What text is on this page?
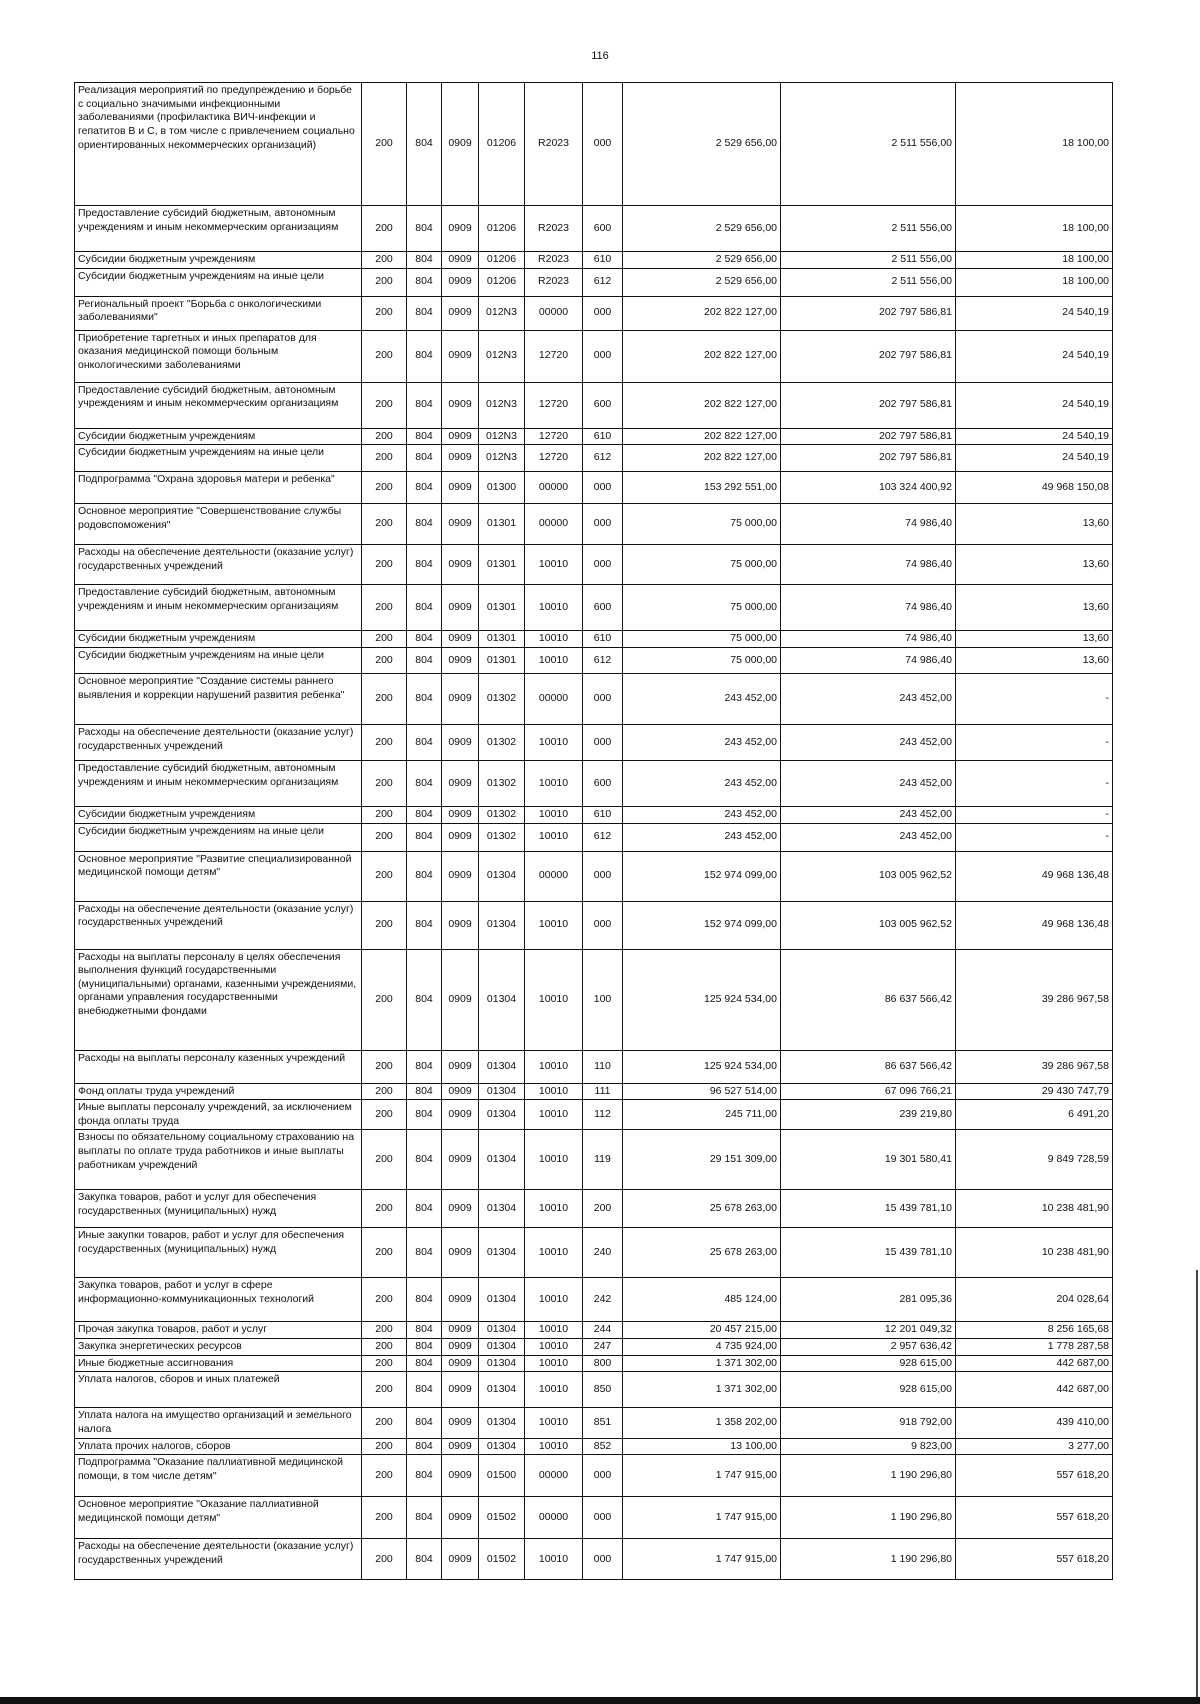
116
Реализация мероприятий по предупреждению и борьбе с социально значимыми инфекционными заболеваниями (профилактика ВИЧ-инфекции и гепатитов В и С, в том числе с привлечением социально ориентированных некоммерческих организаций)	200	804	0909	01206	R2023	000	2 529 656,00	2 511 556,00	18 100,00
Предоставление субсидий бюджетным, автономным учреждениям и иным некоммерческим организациям	200	804	0909	01206	R2023	600	2 529 656,00	2 511 556,00	18 100,00
Субсидии бюджетным учреждениям	200	804	0909	01206	R2023	610	2 529 656,00	2 511 556,00	18 100,00
Субсидии бюджетным учреждениям на иные цели	200	804	0909	01206	R2023	612	2 529 656,00	2 511 556,00	18 100,00
Региональный проект "Борьба с онкологическими заболеваниями"	200	804	0909	012N3	00000	000	202 822 127,00	202 797 586,81	24 540,19
Приобретение таргетных и иных препаратов для оказания медицинской помощи больным онкологическими заболеваниями	200	804	0909	012N3	12720	000	202 822 127,00	202 797 586,81	24 540,19
Предоставление субсидий бюджетным, автономным учреждениям и иным некоммерческим организациям	200	804	0909	012N3	12720	600	202 822 127,00	202 797 586,81	24 540,19
Субсидии бюджетным учреждениям	200	804	0909	012N3	12720	610	202 822 127,00	202 797 586,81	24 540,19
Субсидии бюджетным учреждениям на иные цели	200	804	0909	012N3	12720	612	202 822 127,00	202 797 586,81	24 540,19
Подпрограмма "Охрана здоровья матери и ребенка"	200	804	0909	01300	00000	000	153 292 551,00	103 324 400,92	49 968 150,08
Основное мероприятие "Совершенствование службы родовспоможения"	200	804	0909	01301	00000	000	75 000,00	74 986,40	13,60
Расходы на обеспечение деятельности (оказание услуг) государственных учреждений	200	804	0909	01301	10010	000	75 000,00	74 986,40	13,60
Предоставление субсидий бюджетным, автономным учреждениям и иным некоммерческим организациям	200	804	0909	01301	10010	600	75 000,00	74 986,40	13,60
Субсидии бюджетным учреждениям	200	804	0909	01301	10010	610	75 000,00	74 986,40	13,60
Субсидии бюджетным учреждениям на иные цели	200	804	0909	01301	10010	612	75 000,00	74 986,40	13,60
Основное мероприятие "Создание системы раннего выявления и коррекции нарушений развития ребенка"	200	804	0909	01302	00000	000	243 452,00	243 452,00	-
Расходы на обеспечение деятельности (оказание услуг) государственных учреждений	200	804	0909	01302	10010	000	243 452,00	243 452,00	-
Предоставление субсидий бюджетным, автономным учреждениям и иным некоммерческим организациям	200	804	0909	01302	10010	600	243 452,00	243 452,00	-
Субсидии бюджетным учреждениям	200	804	0909	01302	10010	610	243 452,00	243 452,00	-
Субсидии бюджетным учреждениям на иные цели	200	804	0909	01302	10010	612	243 452,00	243 452,00	-
Основное мероприятие "Развитие специализированной медицинской помощи детям"	200	804	0909	01304	00000	000	152 974 099,00	103 005 962,52	49 968 136,48
Расходы на обеспечение деятельности (оказание услуг) государственных учреждений	200	804	0909	01304	10010	000	152 974 099,00	103 005 962,52	49 968 136,48
Расходы на выплаты персоналу в целях обеспечения выполнения функций государственными (муниципальными) органами, казенными учреждениями, органами управления государственными внебюджетными фондами	200	804	0909	01304	10010	100	125 924 534,00	86 637 566,42	39 286 967,58
Расходы на выплаты персоналу казенных учреждений	200	804	0909	01304	10010	110	125 924 534,00	86 637 566,42	39 286 967,58
Фонд оплаты труда учреждений	200	804	0909	01304	10010	111	96 527 514,00	67 096 766,21	29 430 747,79
Иные выплаты персоналу учреждений, за исключением фонда оплаты труда	200	804	0909	01304	10010	112	245 711,00	239 219,80	6 491,20
Взносы по обязательному социальному страхованию на выплаты по оплате труда работников и иные выплаты работникам учреждений	200	804	0909	01304	10010	119	29 151 309,00	19 301 580,41	9 849 728,59
Закупка товаров, работ и услуг для обеспечения государственных (муниципальных) нужд	200	804	0909	01304	10010	200	25 678 263,00	15 439 781,10	10 238 481,90
Иные закупки товаров, работ и услуг для обеспечения государственных (муниципальных) нужд	200	804	0909	01304	10010	240	25 678 263,00	15 439 781,10	10 238 481,90
Закупка товаров, работ и услуг в сфере информационно-коммуникационных технологий	200	804	0909	01304	10010	242	485 124,00	281 095,36	204 028,64
Прочая закупка товаров, работ и услуг	200	804	0909	01304	10010	244	20 457 215,00	12 201 049,32	8 256 165,68
Закупка энергетических ресурсов	200	804	0909	01304	10010	247	4 735 924,00	2 957 636,42	1 778 287,58
Иные бюджетные ассигнования	200	804	0909	01304	10010	800	1 371 302,00	928 615,00	442 687,00
Уплата налогов, сборов и иных платежей	200	804	0909	01304	10010	850	1 371 302,00	928 615,00	442 687,00
Уплата налога на имущество организаций и земельного налога	200	804	0909	01304	10010	851	1 358 202,00	918 792,00	439 410,00
Уплата прочих налогов, сборов	200	804	0909	01304	10010	852	13 100,00	9 823,00	3 277,00
Подпрограмма "Оказание паллиативной медицинской помощи, в том числе детям"	200	804	0909	01500	00000	000	1 747 915,00	1 190 296,80	557 618,20
Основное мероприятие "Оказание паллиативной медицинской помощи детям"	200	804	0909	01502	00000	000	1 747 915,00	1 190 296,80	557 618,20
Расходы на обеспечение деятельности (оказание услуг) государственных учреждений	200	804	0909	01502	10010	000	1 747 915,00	1 190 296,80	557 618,20
